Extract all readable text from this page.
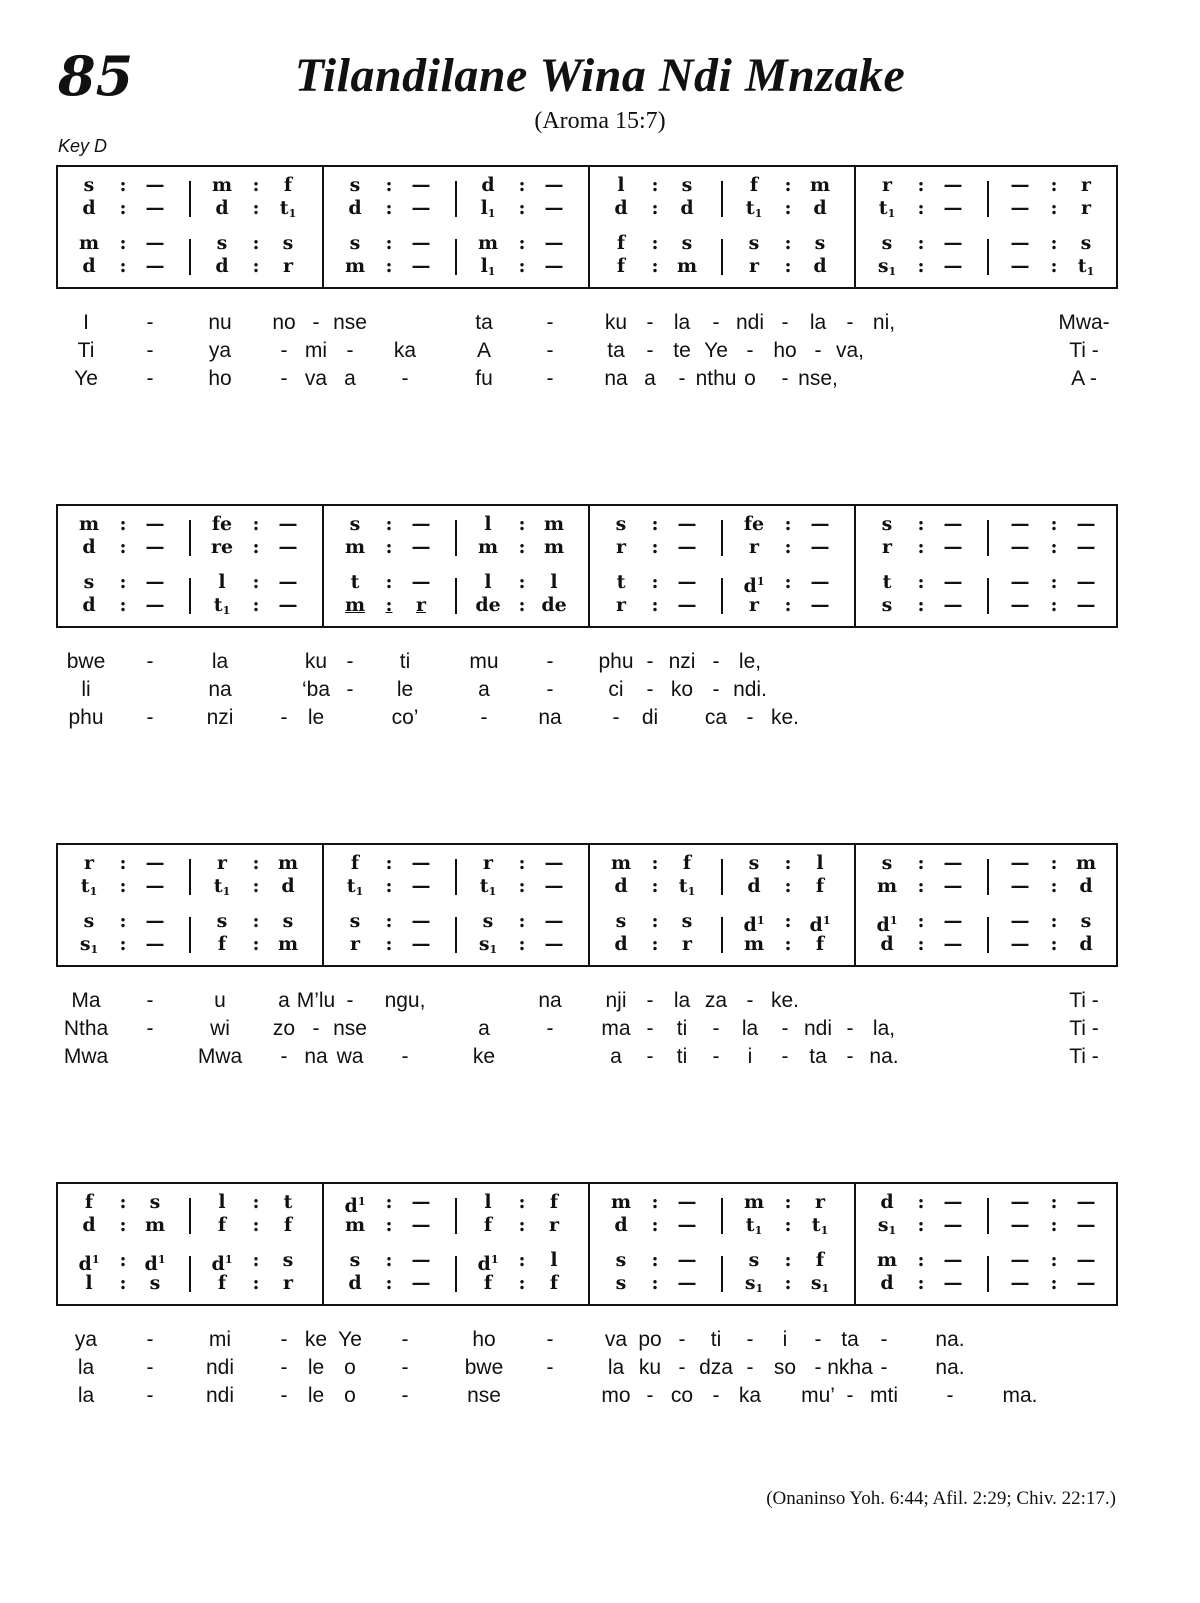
85	Tilandilane Wina Ndi Mnzake
(Aroma 15:7)
Key D
s	:	—	m	:	f	s	:	—	d	:	—	l	:	s	f	: m	r	:	—	—	:	r
d	:	—	d	:	$t_1$	d	:	—	$l_1$	:	—	d	:	d	$t_1$	:	d	$t_1$	:	—	—	:	r
m	:	—	s	:	s	s	:	—	m	:	—	f	:	s	s	:	s	s	:	—	—	:	s
d	:	—	d	:	r	m	:	—	$l_1$	:	—	f	: m	r	:	d	$s_1$	:	—	—	:	$t_1$
I	-	nu	no - nse	ta	-	ku - la	- ndi -	la - ni,	Mwa-
Ti	-	ya	- mi -	ka	A	-	ta	- te Ye - ho - va,	Ti -
Ye	-	ho	- va a	-	fu	-	na a	- nthu o	- nse,	A -
m	:	—	fe	:	—	s	:	—	l	: m	s	:	—	fe	:	—	s	:	—	—	:	—
d	:	—	re	:	—	m	:	—	m	: m	r	:	—	r	:	—	r	:	—	—	:	—
s	:	—	l	:	—	t	:	—	l	:	l	t	:	—	$d^1$	:	—	t	:	—	—	:	—
d	:	—	$t_1$	:	—	m	:	r	de : de	r	:	—	r	:	—	s	:	—	—	:	—
bwe	-	la	ku -	ti	mu	-	phu - nzi - le,
li	na	‘ba -	le	a	-	ci	- ko - ndi.
phu	-	nzi	- le	co’	-	na	-	di	ca - ke.
r	:	—	r	: m	f	:	—	r	:	—	m	:	f	s	:	l	s	:	—	—	: m
$t_1$	:	—	$t_1$	:	d	$t_1$	:	—	$t_1$	:	—	d	:	$t_1$	d	:	f	m	:	—	—	:	d
s	:	—	s	:	s	s	:	—	s	:	—	s	:	s	$d^1$	: $d^1$	$d^1$	:	—	—	:	s
$s_1$	:	—	f	: m	r	:	—	$s_1$	:	—	d	:	r	m	:	f	d	:	—	—	:	d
Ma	-	u	a M’lu -	ngu,	na	nji - la za - ke.	Ti -
Ntha	-	wi	zo - nse	a	-	ma -	ti	-	la	- ndi - la,	Ti -
Mwa	Mwa	- na wa	-	ke	a	-	ti	-	i	- ta - na.	Ti -
f	:	s	l	:	t	$d^1$	:	—	l	:	f	m	:	—	m	:	r	d	:	—	—	:	—
d	: m	f	:	f	m	:	—	f	:	r	d	:	—	$t_1$	:	$t_1$	$s_1$	:	—	—	:	—
$d^1$	: $d^1$	$d^1$	:	s	s	:	—	$d^1$	:	l	s	:	—	s	:	f	m	:	—	—	:	—
l	:	s	f	:	r	d	:	—	f	:	f	s	:	—	$s_1$	:	$s_1$	d	:	—	—	:	—
ya	-	mi	- ke Ye	-	ho	-	va po -	ti	-	i	- ta	-	na.
la	-	ndi	- le o	-	bwe	-	la ku - dza - so - nkha -	na.
la	-	ndi	- le o	-	nse	mo - co - ka	mu’ - mti	-	ma.
(Onaninso Yoh. 6:44; Afil. 2:29; Chiv. 22:17.)
